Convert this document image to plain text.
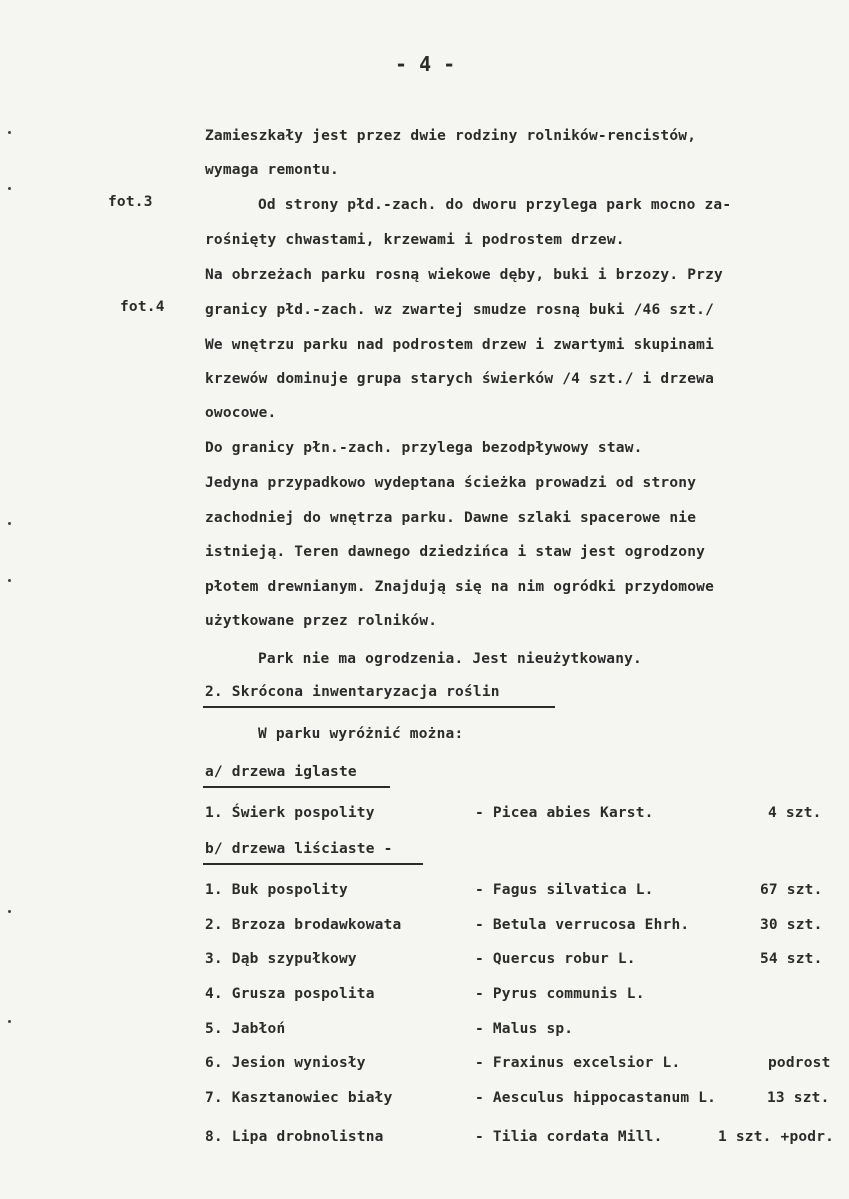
- 4 -
fot.3
fot.4
Zamieszkały jest przez dwie rodziny rolników-rencistów,
wymaga remontu.
Od strony płd.-zach. do dworu przylega park mocno za-
rośnięty chwastami, krzewami i podrostem drzew.
Na obrzeżach parku rosną wiekowe dęby, buki i brzozy. Przy
granicy płd.-zach. wz zwartej smudze rosną buki /46 szt./
We wnętrzu parku nad podrostem drzew i zwartymi skupinami
krzewów dominuje grupa starych świerków /4 szt./ i drzewa
owocowe.
Do granicy płn.-zach. przylega bezodpływowy staw.
Jedyna przypadkowo wydeptana ścieżka prowadzi od strony
zachodniej do wnętrza parku. Dawne szlaki spacerowe nie
istnieją. Teren dawnego dziedzińca i staw jest ogrodzony
płotem drewnianym. Znajdują się na nim ogródki przydomowe
użytkowane przez rolników.
Park nie ma ogrodzenia. Jest nieużytkowany.
2. Skrócona inwentaryzacja roślin
W parku wyróżnić można:
a/ drzewa iglaste
1. Świerk pospolity	- Picea abies Karst.	4 szt.
b/ drzewa liściaste -
1. Buk pospolity	- Fagus silvatica L.	67 szt.
2. Brzoza brodawkowata	- Betula verrucosa Ehrh.	30 szt.
3. Dąb szypułkowy	- Quercus robur L.	54 szt.
4. Grusza pospolita	- Pyrus communis L.
5. Jabłoń	- Malus sp.
6. Jesion wyniosły	- Fraxinus excelsior L.	podrost
7. Kasztanowiec biały	- Aesculus hippocastanum L.	13 szt.
8. Lipa drobnolistna	- Tilia cordata Mill.	1 szt. +podr.
